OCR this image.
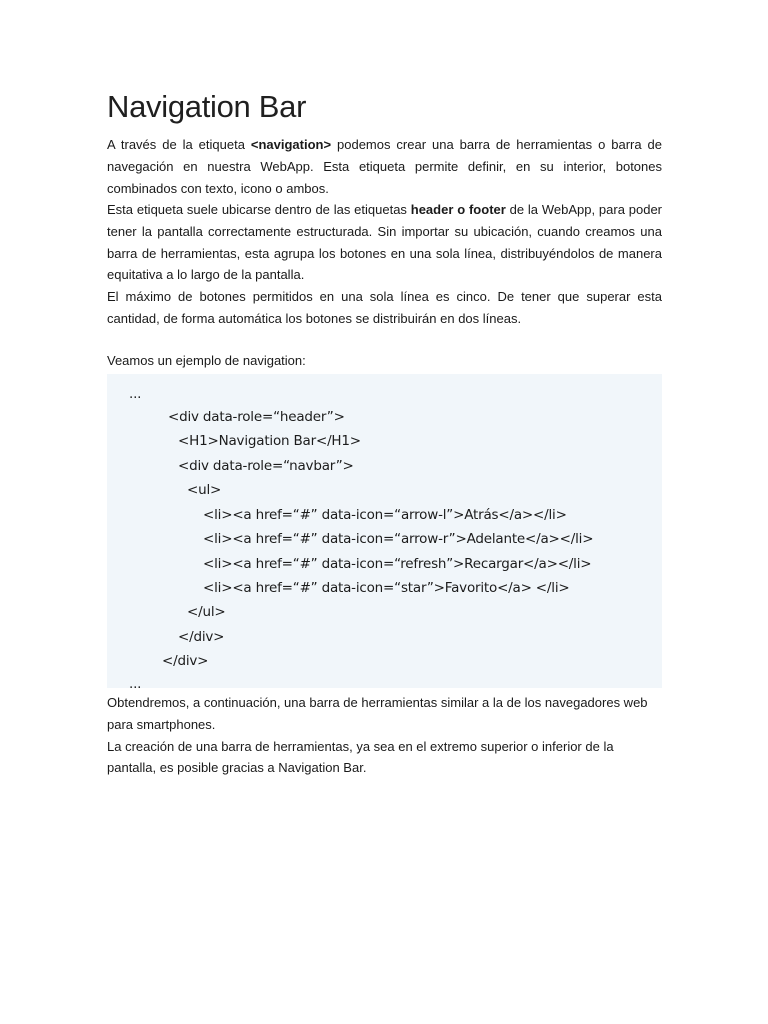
Navigation Bar

A través de la etiqueta <navigation> podemos crear una barra de herramientas o barra de navegación en nuestra WebApp. Esta etiqueta permite definir, en su interior, botones combinados con texto, icono o ambos.

Esta etiqueta suele ubicarse dentro de las etiquetas header o footer de la WebApp, para poder tener la pantalla correctamente estructurada. Sin importar su ubicación, cuando creamos una barra de herramientas, esta agrupa los botones en una sola línea, distribuyéndolos de manera equitativa a lo largo de la pantalla.

El máximo de botones permitidos en una sola línea es cinco. De tener que superar esta cantidad, de forma automática los botones se distribuirán en dos líneas.

Veamos un ejemplo de navigation:

...
<div data-role=“header”>
<H1>Navigation Bar</H1>
<div data-role=“navbar”>
<ul>
<li><a href=“#” data-icon=“arrow-l”>Atrás</a></li>
<li><a href=“#” data-icon=“arrow-r”>Adelante</a></li>
<li><a href=“#” data-icon=“refresh”>Recargar</a></li>
<li><a href=“#” data-icon=“star”>Favorito</a> </li>
</ul>
</div>
</div>
...

Obtendremos, a continuación, una barra de herramientas similar a la de los navegadores web para smartphones.

La creación de una barra de herramientas, ya sea en el extremo superior o inferior de la pantalla, es posible gracias a Navigation Bar.
